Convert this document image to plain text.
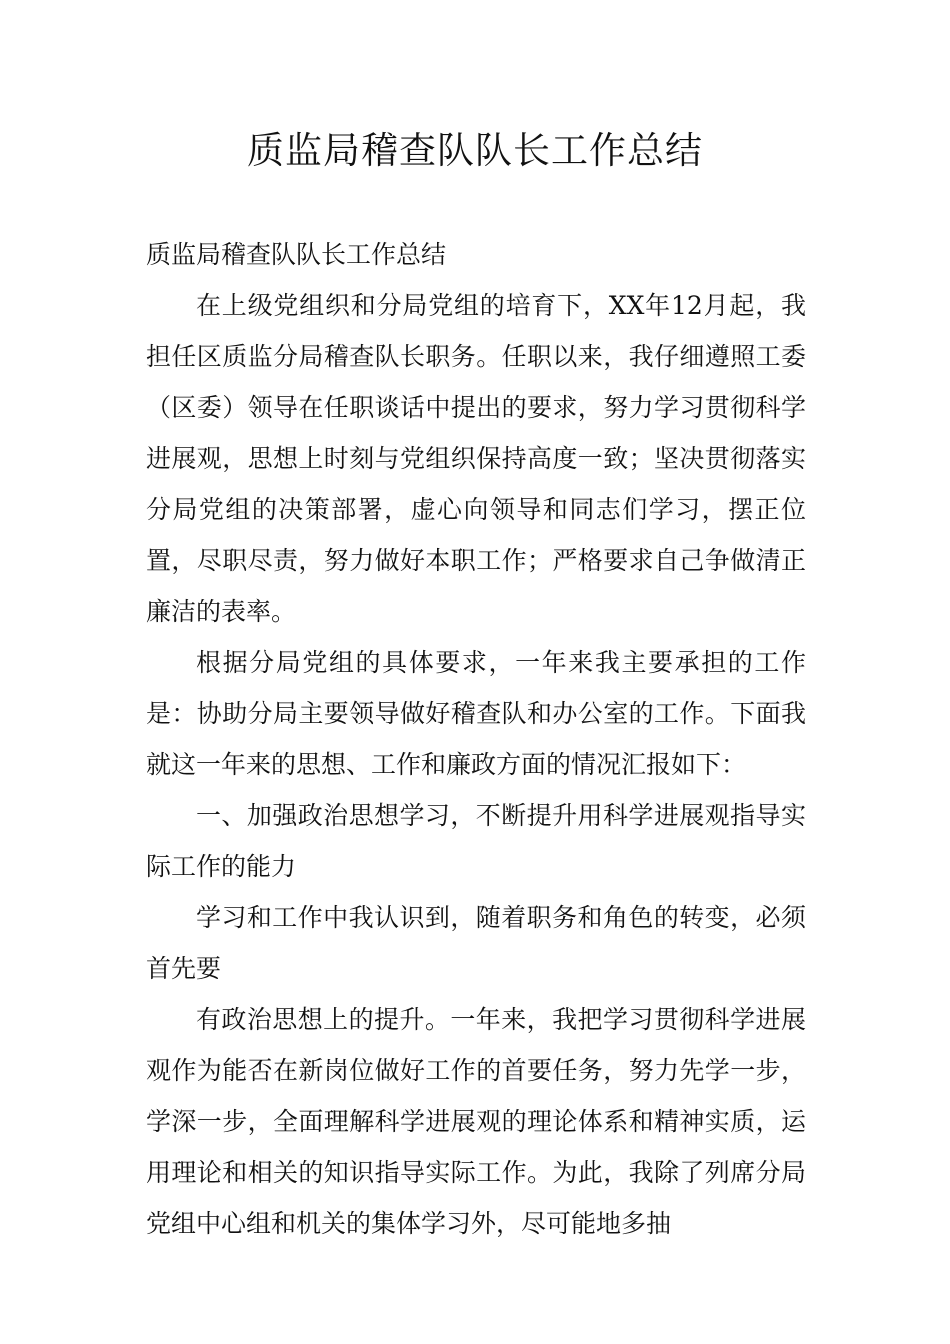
质监局稽查队队长工作总结

质监局稽查队队长工作总结

在上级党组织和分局党组的培育下，XX年12月起，我担任区质监分局稽查队长职务。任职以来，我仔细遵照工委（区委）领导在任职谈话中提出的要求，努力学习贯彻科学进展观，思想上时刻与党组织保持高度一致；坚决贯彻落实分局党组的决策部署，虚心向领导和同志们学习，摆正位置，尽职尽责，努力做好本职工作；严格要求自己争做清正廉洁的表率。

根据分局党组的具体要求，一年来我主要承担的工作是：协助分局主要领导做好稽查队和办公室的工作。下面我就这一年来的思想、工作和廉政方面的情况汇报如下：

一、加强政治思想学习，不断提升用科学进展观指导实际工作的能力

学习和工作中我认识到，随着职务和角色的转变，必须首先要

有政治思想上的提升。一年来，我把学习贯彻科学进展观作为能否在新岗位做好工作的首要任务，努力先学一步，学深一步，全面理解科学进展观的理论体系和精神实质，运用理论和相关的知识指导实际工作。为此，我除了列席分局党组中心组和机关的集体学习外，尽可能地多抽
